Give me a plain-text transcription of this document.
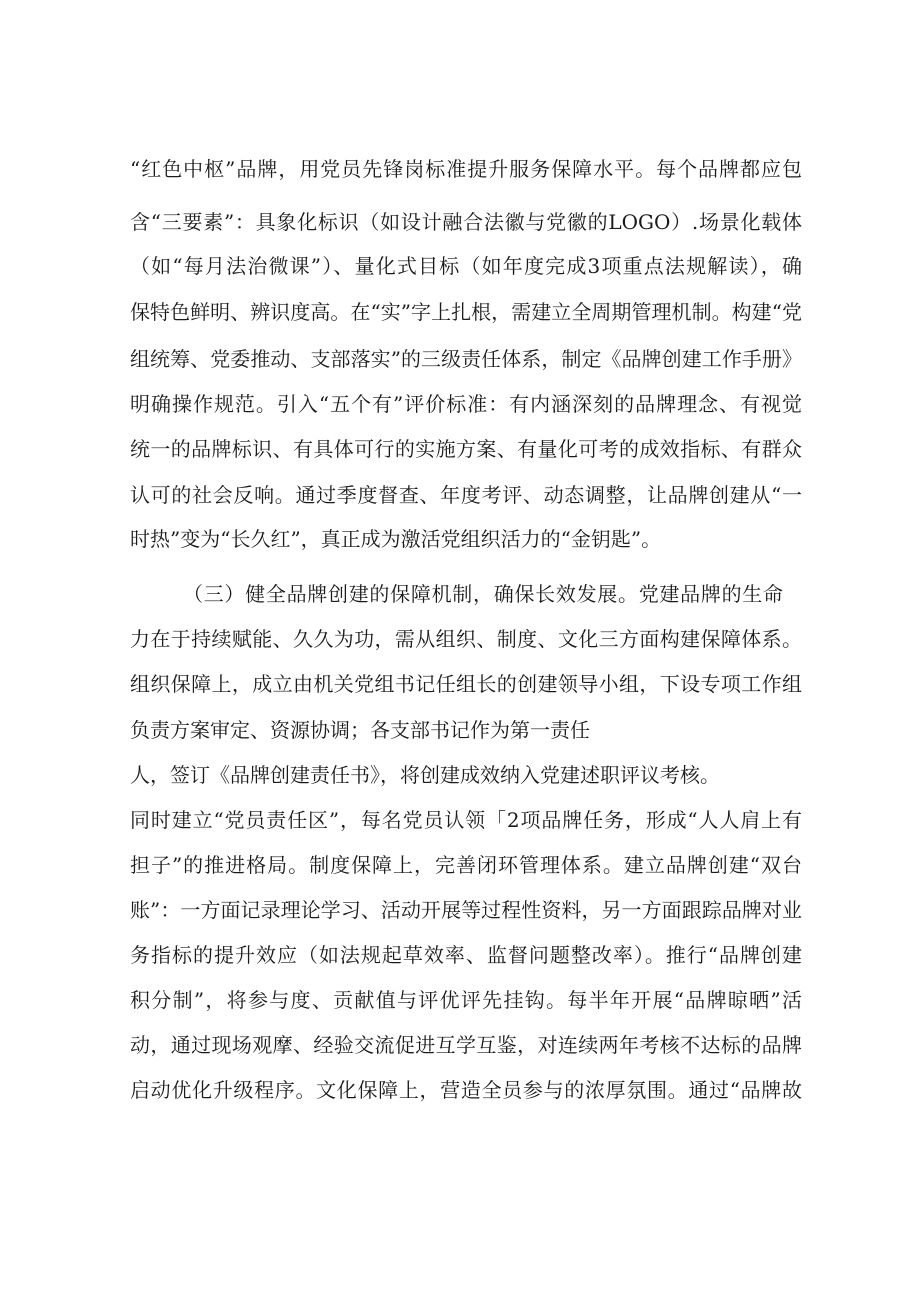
“红色中枢”品牌，用党员先锋岗标准提升服务保障水平。每个品牌都应包

含“三要素”：具象化标识（如设计融合法徽与党徽的LOGO）.场景化载体

（如“每月法治微课”）、量化式目标（如年度完成3项重点法规解读），确

保特色鲜明、辨识度高。在“实”字上扎根，需建立全周期管理机制。构建“党

组统筹、党委推动、支部落实”的三级责任体系，制定《品牌创建工作手册》

明确操作规范。引入“五个有”评价标准：有内涵深刻的品牌理念、有视觉

统一的品牌标识、有具体可行的实施方案、有量化可考的成效指标、有群众

认可的社会反响。通过季度督查、年度考评、动态调整，让品牌创建从“一

时热”变为“长久红”，真正成为激活党组织活力的“金钥匙”。

（三）健全品牌创建的保障机制，确保长效发展。党建品牌的生命

力在于持续赋能、久久为功，需从组织、制度、文化三方面构建保障体系。

组织保障上，成立由机关党组书记任组长的创建领导小组，下设专项工作组

负责方案审定、资源协调；各支部书记作为第一责任

人，签订《品牌创建责任书》，将创建成效纳入党建述职评议考核。

同时建立“党员责任区”，每名党员认领「2项品牌任务，形成“人人肩上有

担子”的推进格局。制度保障上，完善闭环管理体系。建立品牌创建“双台

账”：一方面记录理论学习、活动开展等过程性资料，另一方面跟踪品牌对业

务指标的提升效应（如法规起草效率、监督问题整改率）。推行“品牌创建

积分制”，将参与度、贡献值与评优评先挂钩。每半年开展“品牌晾晒”活

动，通过现场观摩、经验交流促进互学互鉴，对连续两年考核不达标的品牌

启动优化升级程序。文化保障上，营造全员参与的浓厚氛围。通过“品牌故
